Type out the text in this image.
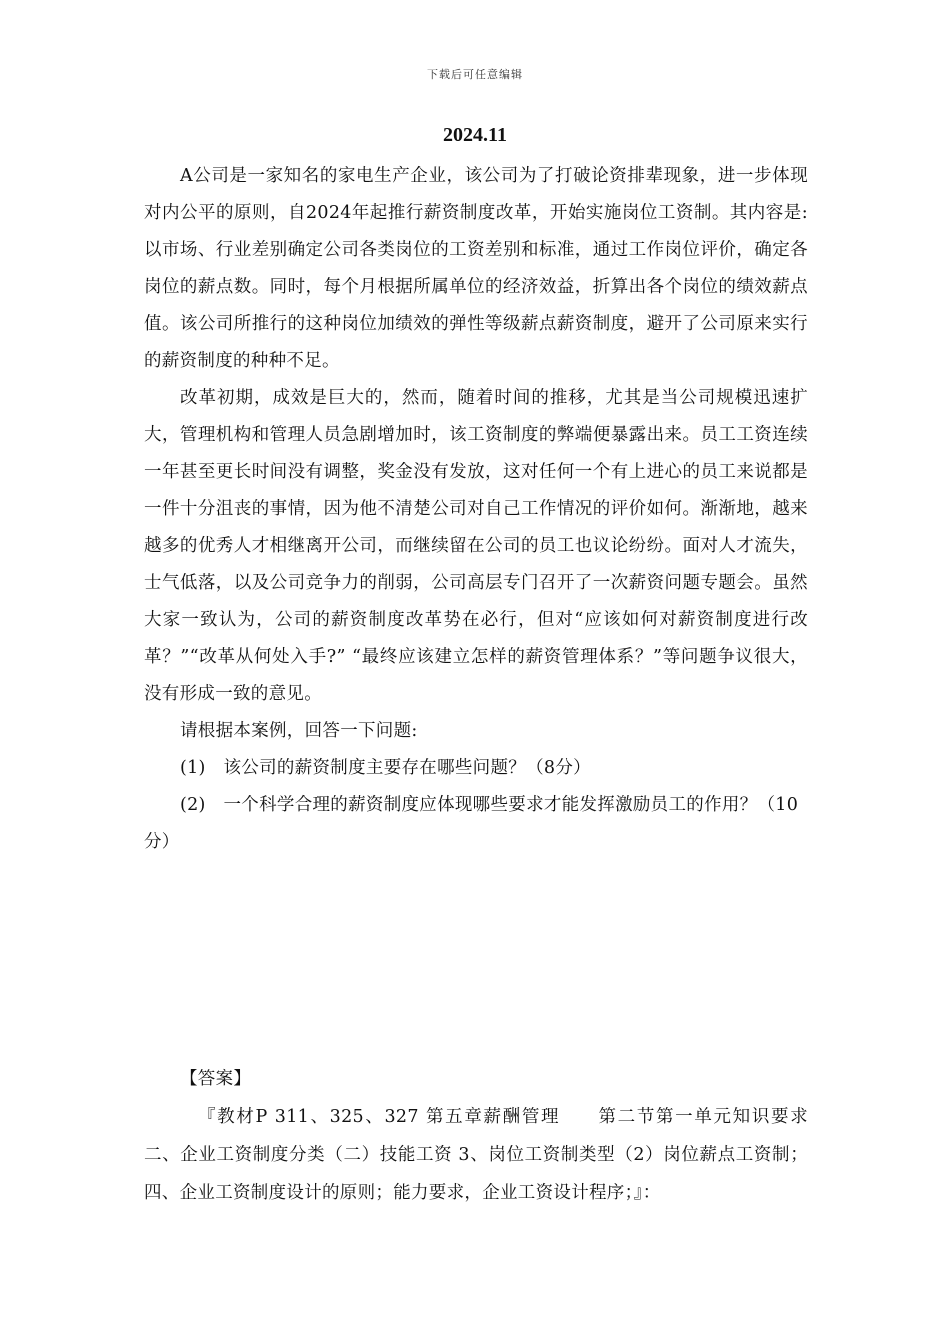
下载后可任意编辑
2024.11

A公司是一家知名的家电生产企业，该公司为了打破论资排辈现象，进一步体现对内公平的原则，自2024年起推行薪资制度改革，开始实施岗位工资制。其内容是:以市场、行业差别确定公司各类岗位的工资差别和标准，通过工作岗位评价，确定各岗位的薪点数。同时，每个月根据所属单位的经济效益，折算出各个岗位的绩效薪点值。该公司所推行的这种岗位加绩效的弹性等级薪点薪资制度，避开了公司原来实行的薪资制度的种种不足。

改革初期，成效是巨大的，然而，随着时间的推移，尤其是当公司规模迅速扩大，管理机构和管理人员急剧增加时，该工资制度的弊端便暴露出来。员工工资连续一年甚至更长时间没有调整，奖金没有发放，这对任何一个有上进心的员工来说都是一件十分沮丧的事情，因为他不清楚公司对自己工作情况的评价如何。渐渐地，越来越多的优秀人才相继离开公司，而继续留在公司的员工也议论纷纷。面对人才流失，士气低落，以及公司竞争力的削弱，公司高层专门召开了一次薪资问题专题会。虽然大家一致认为，公司的薪资制度改革势在必行，但对“应该如何对薪资制度进行改革？”“改革从何处入手?” “最终应该建立怎样的薪资管理体系？”等问题争议很大，没有形成一致的意见。

请根据本案例，回答一下问题:

(1)　该公司的薪资制度主要存在哪些问题？（8分）

(2)　一个科学合理的薪资制度应体现哪些要求才能发挥激励员工的作用？（10分）

【答案】

『教材P 311、325、327 第五章薪酬管理　　第二节第一单元知识要求 二、企业工资制度分类（二）技能工资 3、岗位工资制类型（2）岗位薪点工资制；四、企业工资制度设计的原则；能力要求，企业工资设计程序；』：
